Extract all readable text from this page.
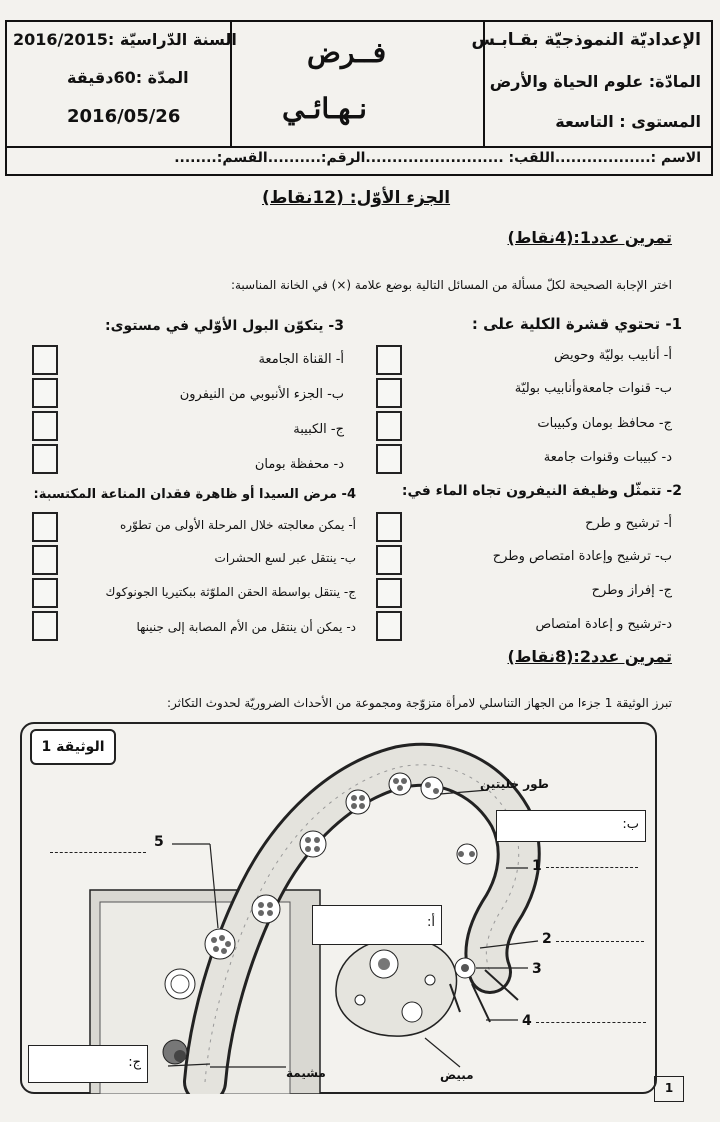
الإعداديّة النموذجيّة بقـابـس
المادّة: علوم الحياة والأرض
المستوى : التاسعة
فــرض
نـهـائـي
السنة الدّراسيّة :2016/2015
المدّة :60دقيقة
2016/05/26
الاسم :..................اللقب: ..........................الرقم:..........القسم:........
الجزء الأوّل: (12نقاط)
تمرين عدد1:(4نقاط)
اختر الإجابة الصحيحة لكلّ مسألة من المسائل التالية بوضع علامة (×) في الخانة المناسبة:
1- تحتوي قشرة الكلية على :
أ- أنابيب بوليّة وحويض
ب- قنوات جامعةوأنابيب بوليّة
ج- محافظ بومان وكبيبات
د- كبيبات وقنوات جامعة
3- يتكوّن البول الأوّلي في مستوى:
أ- القناة الجامعة
ب- الجزء الأنبوبي من النيفرون
ج- الكبيبة
د- محفظة بومان
2- تتمثّل وظيفة النيفرون تجاه الماء في:
أ- ترشيح و طرح
ب- ترشيح وإعادة امتصاص وطرح
ج- إفراز وطرح
د-ترشيح و إعادة امتصاص
4- مرض السيدا أو ظاهرة فقدان المناعة المكتسبة:
أ- يمكن معالجته خلال المرحلة الأولى من تطوّره
ب- ينتقل عبر لسع الحشرات
ج- ينتقل بواسطة الحقن الملوّثة ببكتيريا الجونوكوك
د- يمكن أن ينتقل من الأم المصابة إلى جنينها
تمرين عدد2:(8نقاط)
تبرز الوثيقة 1 جزءا من الجهاز التناسلي لامرأة متزوّجة ومجموعة من الأحداث الضروريّة لحدوث التكاثر:
الوثيقة 1
طور خليتين
ب:
أ:
ج:
1
2
3
4
5
مشيمة	مبيض
1
